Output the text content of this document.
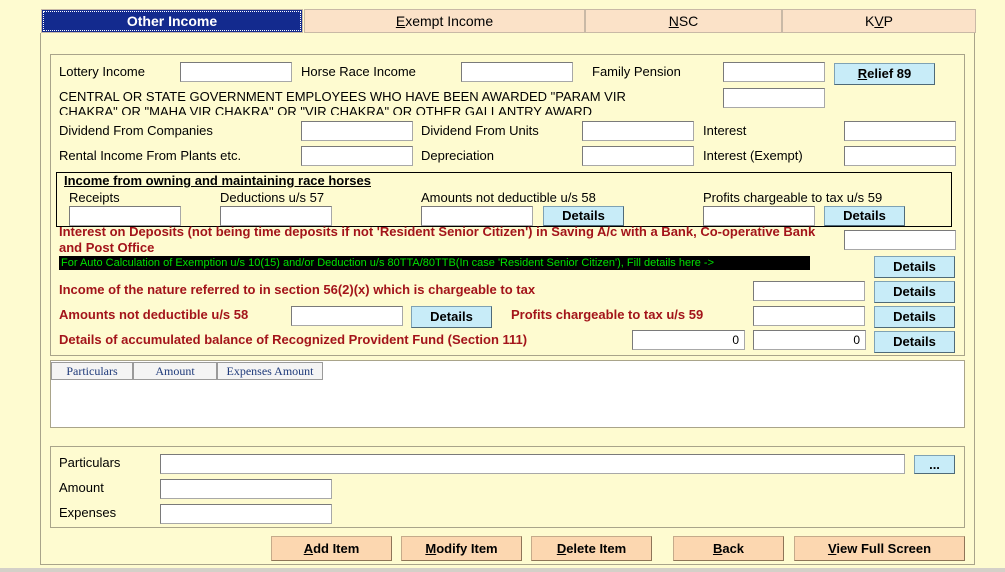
Other Income	Exempt Income	NSC	KVP
Lottery Income	Horse Race Income	Family Pension	Relief 89
CENTRAL OR STATE GOVERNMENT EMPLOYEES WHO HAVE BEEN AWARDED "PARAM VIR CHAKRA" OR "MAHA VIR CHAKRA" OR "VIR CHAKRA" OR OTHER GALLANTRY AWARD
Dividend From Companies	Dividend From Units	Interest
Rental Income From Plants etc.	Depreciation	Interest (Exempt)
Income from owning and maintaining race horses
Receipts	Deductions u/s 57	Amounts not deductible u/s 58	Profits chargeable to tax u/s 59
Details	Details
Interest on Deposits (not being time deposits if not 'Resident Senior Citizen') in Saving A/c with a Bank, Co-operative Bank and Post Office
For Auto Calculation of Exemption u/s 10(15) and/or Deduction u/s 80TTA/80TTB(In case 'Resident Senior Citizen'), Fill details here ->	Details
Income of the nature referred to in section 56(2)(x) which is chargeable to tax	Details
Amounts not deductible u/s 58	Details	Profits chargeable to tax u/s 59	Details
Details of accumulated balance of Recognized Provident Fund (Section 111)	0	0	Details
Particulars	Amount	Expenses Amount
Particulars	...
Amount
Expenses
Add Item	Modify Item	Delete Item	Back	View Full Screen
